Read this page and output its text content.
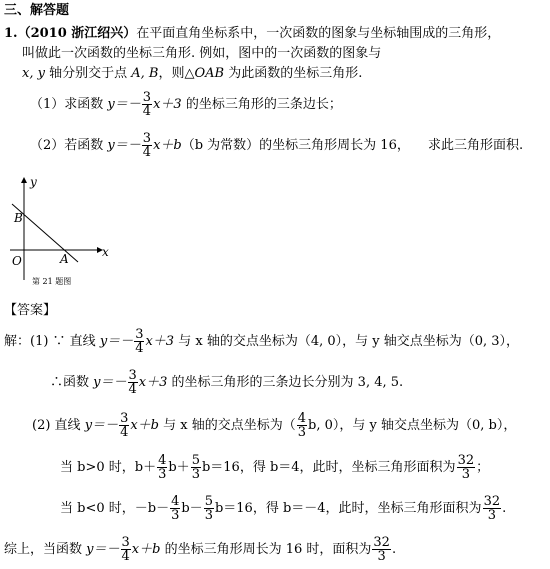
三、解答题
1.（2010 浙江绍兴）在平面直角坐标系中，一次函数的图象与坐标轴围成的三角形，
叫做此一次函数的坐标三角形. 例如，图中的一次函数的图象与
x, y 轴分别交于点 A, B，则△OAB 为此函数的坐标三角形.
（1）求函数 $y=- \frac{3}{4} x+3$ 的坐标三角形的三条边长；
（2）若函数 $y=- \frac{3}{4} x+b(b$ 为常数）的坐标三角形周长为 16， 求此三角形面积.
y
x
B
O	A
第 21 题图
【答案】
解：(1) ∵ 直线 $y=- \frac{3}{4} x+3$ 与 x 轴的交点坐标为（4, 0），与 y 轴交点坐标为（0, 3），
∴函数 $y=- \frac{3}{4} x+3$ 的坐标三角形的三条边长分别为 3, 4, 5.
(2) 直线 $y=- \frac{3}{4} x+b$ 与 x 轴的交点坐标为（ $\frac{4}{3} b$, 0），与 y 轴交点坐标为（0, b），
当 b>0 时，$b+ \frac{4}{3} b+ \frac{5}{3} b=16$，得 b＝4，此时，坐标三角形面积为 $\frac{32}{3}$ ；
当 b<0 时，$-b- \frac{4}{3} b- \frac{5}{3} b=16$，得 b＝－4，此时，坐标三角形面积为 $\frac{32}{3}$ .
综上，当函数 $y=- \frac{3}{4} x+b$ 的坐标三角形周长为 16 时，面积为 $\frac{32}{3}$ .
